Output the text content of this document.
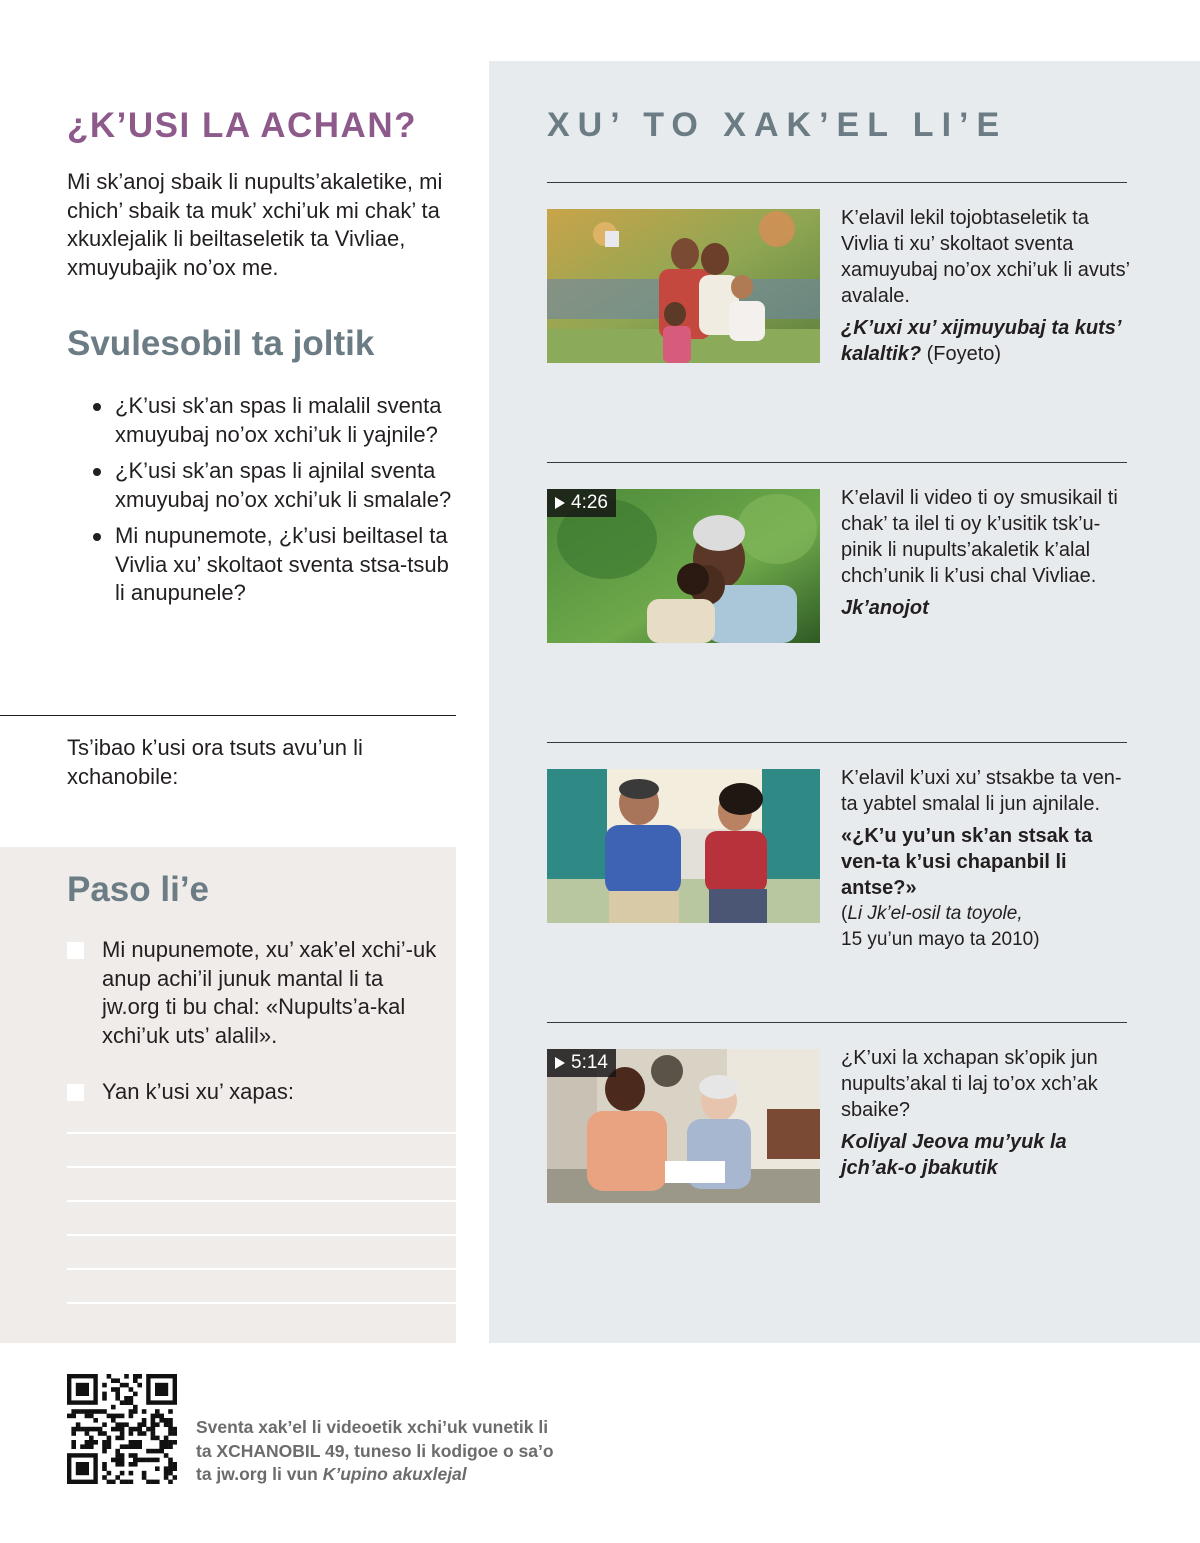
¿K’USI LA ACHAN?

Mi sk’anoj sbaik li nupults’akaletike, mi chich’ sbaik ta muk’ xchi’uk mi chak’ ta xkuxlejalik li beiltaseletik ta Vivliae, xmuyubajik no’ox me.

Svulesobil ta joltik
¿K’usi sk’an spas li malalil sventa xmuyubaj no’ox xchi’uk li yajnile?
¿K’usi sk’an spas li ajnilal sventa xmuyubaj no’ox xchi’uk li smalale?
Mi nupunemote, ¿k’usi beiltasel ta Vivlia xu’ skoltaot sventa stsa-tsub li anupunele?

Ts’ibao k’usi ora tsuts avu’un li xchanobile:

Paso li’e
Mi nupunemote, xu’ xak’el xchi’-uk anup achi’il junuk mantal li ta jw.org ti bu chal: «Nupults’a-kal xchi’uk uts’ alalil».
Yan k’usi xu’ xapas:
XU’ TO XAK’EL LI’E
K’elavil lekil tojobtaseletik ta Vivlia ti xu’ skoltaot sventa xamuyubaj no’ox xchi’uk li avuts’ avalale.
¿K’uxi xu’ xijmuyubaj ta kuts’ kalaltik? (Foyeto)
4:26	K’elavil li video ti oy smusikail ti chak’ ta ilel ti oy k’usitik tsk’u-pinik li nupults’akaletik k’alal chch’unik li k’usi chal Vivliae.
Jk’anojot
K’elavil k’uxi xu’ stsakbe ta ven-ta yabtel smalal li jun ajnilale.
«¿K’u yu’un sk’an stsak ta ven-ta k’usi chapanbil li antse?»
(Li Jk’el-osil ta toyole,
15 yu’un mayo ta 2010)
5:14	¿K’uxi la xchapan sk’opik jun nupults’akal ti laj to’ox xch’ak sbaike?
Koliyal Jeova mu’yuk la jch’ak-o jbakutik

Sventa xak’el li videoetik xchi’uk vunetik li ta XCHANOBIL 49, tuneso li kodigoe o sa’o ta jw.org li vun K’upino akuxlejal
